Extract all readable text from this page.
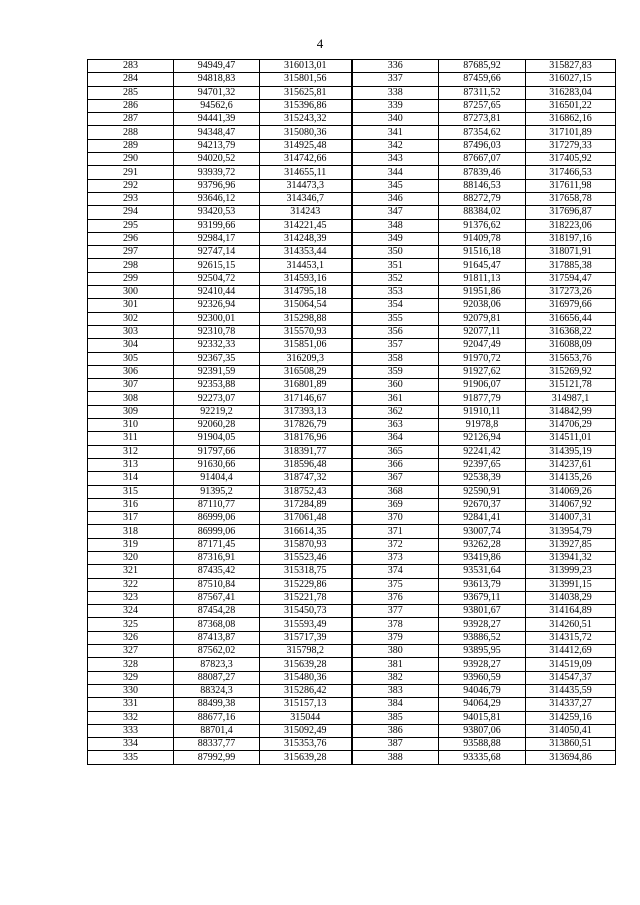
4
283	94949,47	316013,01	336	87685,92	315827,83
284	94818,83	315801,56	337	87459,66	316027,15
285	94701,32	315625,81	338	87311,52	316283,04
286	94562,6	315396,86	339	87257,65	316501,22
287	94441,39	315243,32	340	87273,81	316862,16
288	94348,47	315080,36	341	87354,62	317101,89
289	94213,79	314925,48	342	87496,03	317279,33
290	94020,52	314742,66	343	87667,07	317405,92
291	93939,72	314655,11	344	87839,46	317466,53
292	93796,96	314473,3	345	88146,53	317611,98
293	93646,12	314346,7	346	88272,79	317658,78
294	93420,53	314243	347	88384,02	317696,87
295	93199,66	314221,45	348	91376,62	318223,06
296	92984,17	314248,39	349	91409,78	318197,16
297	92747,14	314353,44	350	91516,18	318071,91
298	92615,15	314453,1	351	91645,47	317885,38
299	92504,72	314593,16	352	91811,13	317594,47
300	92410,44	314795,18	353	91951,86	317273,26
301	92326,94	315064,54	354	92038,06	316979,66
302	92300,01	315298,88	355	92079,81	316656,44
303	92310,78	315570,93	356	92077,11	316368,22
304	92332,33	315851,06	357	92047,49	316088,09
305	92367,35	316209,3	358	91970,72	315653,76
306	92391,59	316508,29	359	91927,62	315269,92
307	92353,88	316801,89	360	91906,07	315121,78
308	92273,07	317146,67	361	91877,79	314987,1
309	92219,2	317393,13	362	91910,11	314842,99
310	92060,28	317826,79	363	91978,8	314706,29
311	91904,05	318176,96	364	92126,94	314511,01
312	91797,66	318391,77	365	92241,42	314395,19
313	91630,66	318596,48	366	92397,65	314237,61
314	91404,4	318747,32	367	92538,39	314135,26
315	91395,2	318752,43	368	92590,91	314069,26
316	87110,77	317284,89	369	92670,37	314067,92
317	86999,06	317061,48	370	92841,41	314007,31
318	86999,06	316614,35	371	93007,74	313954,79
319	87171,45	315870,93	372	93262,28	313927,85
320	87316,91	315523,46	373	93419,86	313941,32
321	87435,42	315318,75	374	93531,64	313999,23
322	87510,84	315229,86	375	93613,79	313991,15
323	87567,41	315221,78	376	93679,11	314038,29
324	87454,28	315450,73	377	93801,67	314164,89
325	87368,08	315593,49	378	93928,27	314260,51
326	87413,87	315717,39	379	93886,52	314315,72
327	87562,02	315798,2	380	93895,95	314412,69
328	87823,3	315639,28	381	93928,27	314519,09
329	88087,27	315480,36	382	93960,59	314547,37
330	88324,3	315286,42	383	94046,79	314435,59
331	88499,38	315157,13	384	94064,29	314337,27
332	88677,16	315044	385	94015,81	314259,16
333	88701,4	315092,49	386	93807,06	314050,41
334	88337,77	315353,76	387	93588,88	313860,51
335	87992,99	315639,28	388	93335,68	313694,86
